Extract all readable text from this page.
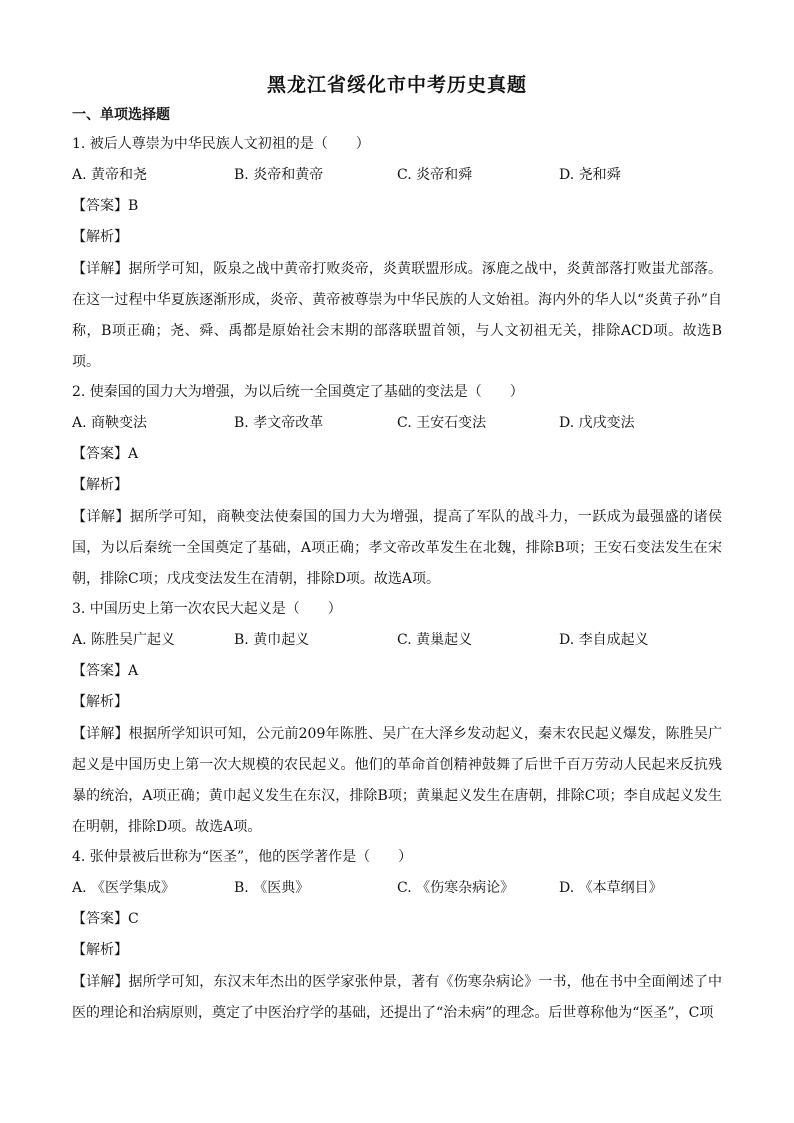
黑龙江省绥化市中考历史真题
一、单项选择题
1. 被后人尊崇为中华民族人文初祖的是（　　）
A. 黄帝和尧	B. 炎帝和黄帝	C. 炎帝和舜	D. 尧和舜
【答案】B
【解析】
【详解】据所学可知，阪泉之战中黄帝打败炎帝，炎黄联盟形成。涿鹿之战中，炎黄部落打败蚩尤部落。在这一过程中华夏族逐渐形成，炎帝、黄帝被尊崇为中华民族的人文始祖。海内外的华人以“炎黄子孙”自称，B项正确；尧、舜、禹都是原始社会末期的部落联盟首领，与人文初祖无关，排除ACD项。故选B项。
2. 使秦国的国力大为增强，为以后统一全国奠定了基础的变法是（　　）
A. 商鞅变法	B. 孝文帝改革	C. 王安石变法	D. 戊戌变法
【答案】A
【解析】
【详解】据所学可知，商鞅变法使秦国的国力大为增强，提高了军队的战斗力，一跃成为最强盛的诸侯国，为以后秦统一全国奠定了基础，A项正确；孝文帝改革发生在北魏，排除B项；王安石变法发生在宋朝，排除C项；戊戌变法发生在清朝，排除D项。故选A项。
3. 中国历史上第一次农民大起义是（　　）
A. 陈胜吴广起义	B. 黄巾起义	C. 黄巢起义	D. 李自成起义
【答案】A
【解析】
【详解】根据所学知识可知，公元前209年陈胜、吴广在大泽乡发动起义，秦末农民起义爆发，陈胜吴广起义是中国历史上第一次大规模的农民起义。他们的革命首创精神鼓舞了后世千百万劳动人民起来反抗残暴的统治，A项正确；黄巾起义发生在东汉，排除B项；黄巢起义发生在唐朝，排除C项；李自成起义发生在明朝，排除D项。故选A项。
4. 张仲景被后世称为“医圣”，他的医学著作是（　　）
A. 《医学集成》	B. 《医典》	C. 《伤寒杂病论》	D. 《本草纲目》
【答案】C
【解析】
【详解】据所学可知，东汉末年杰出的医学家张仲景，著有《伤寒杂病论》一书，他在书中全面阐述了中医的理论和治病原则，奠定了中医治疗学的基础，还提出了“治未病”的理念。后世尊称他为“医圣”，C项
